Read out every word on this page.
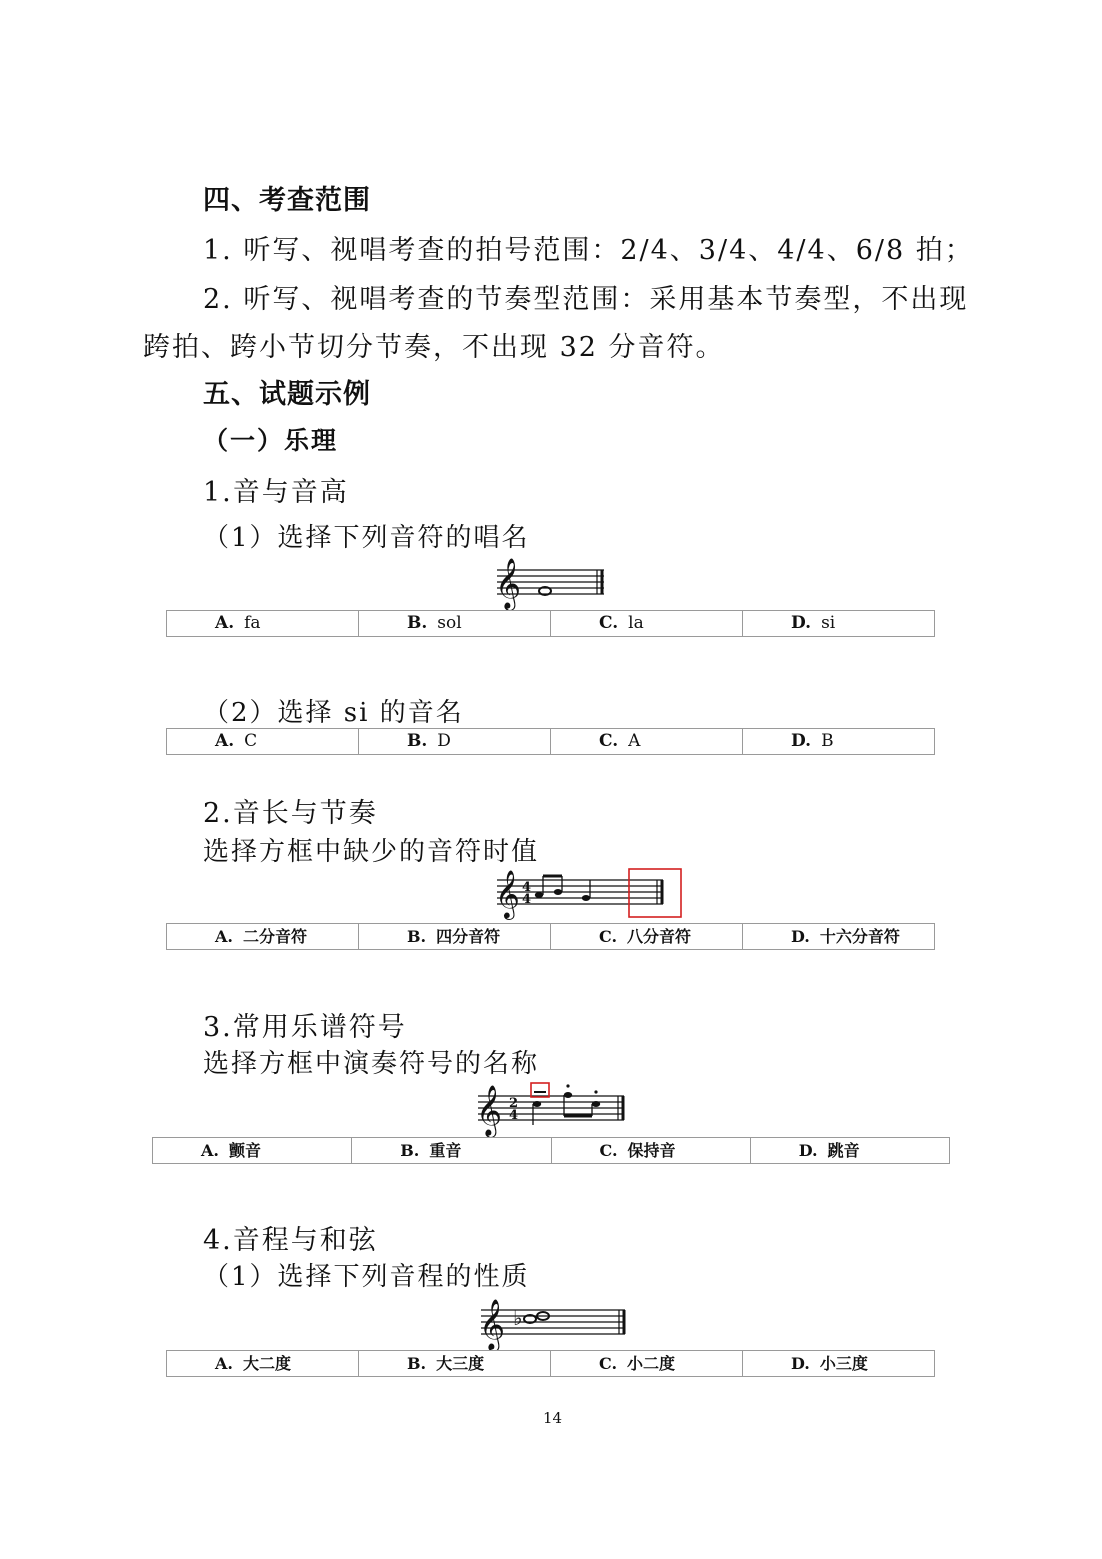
四、考查范围
1. 听写、视唱考查的拍号范围：2/4、3/4、4/4、6/8 拍；
2. 听写、视唱考查的节奏型范围：采用基本节奏型，不出现
跨拍、跨小节切分节奏，不出现 32 分音符。
五、试题示例
（一）乐理
1.音与音高
（1）选择下列音符的唱名
𝄞
A. fa	B. sol	C. la	D. si
（2）选择 si 的音名
A. C	B. D	C. A	D. B
2.音长与节奏
选择方框中缺少的音符时值
𝄞 4
4
A. 二分音符	B. 四分音符	C. 八分音符	D. 十六分音符
3.常用乐谱符号
选择方框中演奏符号的名称
𝄞 2
4
A. 颤音	B. 重音	C. 保持音	D. 跳音
4.音程与和弦
（1）选择下列音程的性质
𝄞 ♭
A. 大二度	B. 大三度	C. 小二度	D. 小三度
14
